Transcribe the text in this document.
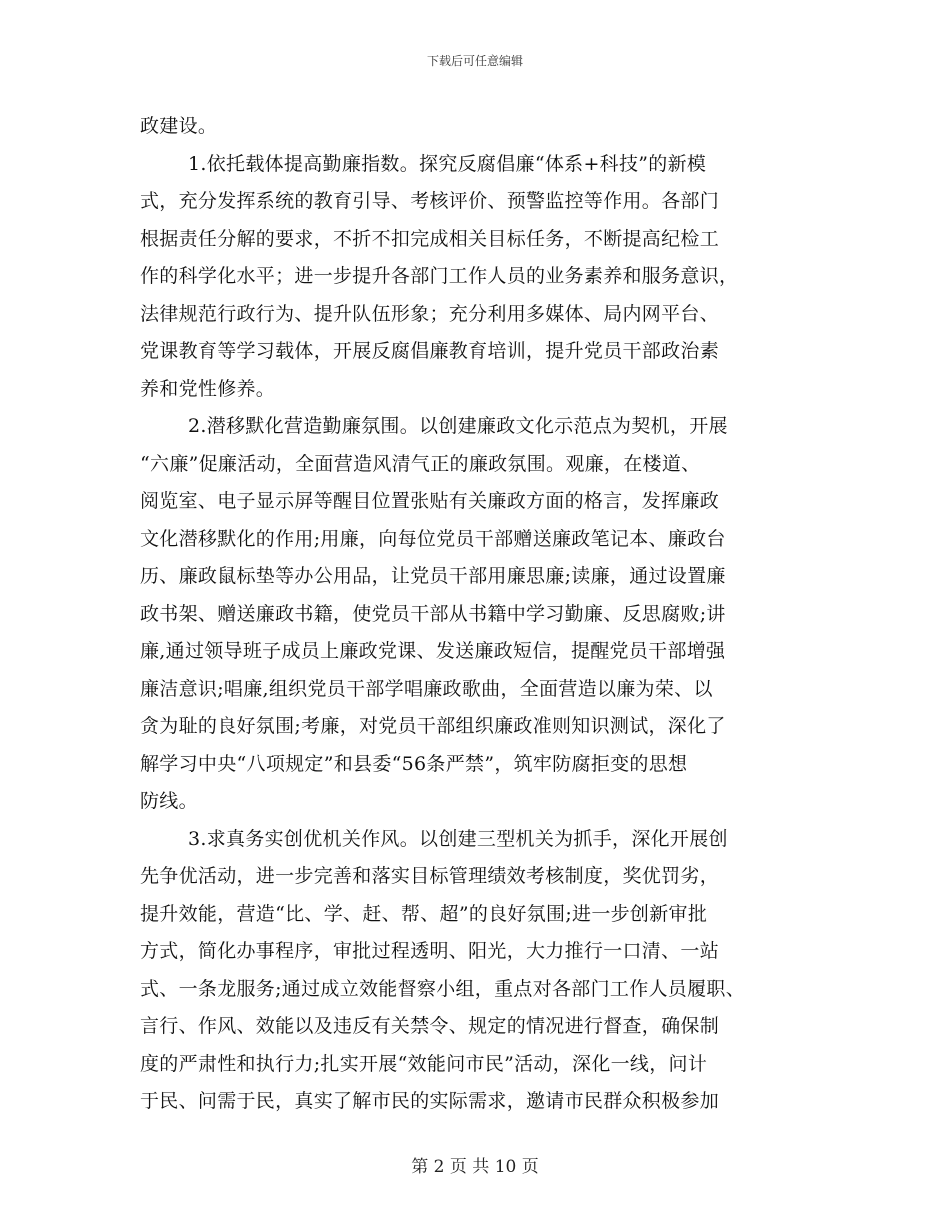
下载后可任意编辑
政建设。
1.依托载体提高勤廉指数。探究反腐倡廉“体系+科技”的新模
式，充分发挥系统的教育引导、考核评价、预警监控等作用。各部门
根据责任分解的要求，不折不扣完成相关目标任务，不断提高纪检工
作的科学化水平；进一步提升各部门工作人员的业务素养和服务意识，
法律规范行政行为、提升队伍形象；充分利用多媒体、局内网平台、
党课教育等学习载体，开展反腐倡廉教育培训，提升党员干部政治素
养和党性修养。
2.潜移默化营造勤廉氛围。以创建廉政文化示范点为契机，开展
“六廉”促廉活动，全面营造风清气正的廉政氛围。观廉，在楼道、
阅览室、电子显示屏等醒目位置张贴有关廉政方面的格言，发挥廉政
文化潜移默化的作用;用廉，向每位党员干部赠送廉政笔记本、廉政台
历、廉政鼠标垫等办公用品，让党员干部用廉思廉;读廉，通过设置廉
政书架、赠送廉政书籍，使党员干部从书籍中学习勤廉、反思腐败;讲
廉,通过领导班子成员上廉政党课、发送廉政短信，提醒党员干部增强
廉洁意识;唱廉,组织党员干部学唱廉政歌曲，全面营造以廉为荣、以
贪为耻的良好氛围;考廉，对党员干部组织廉政准则知识测试，深化了
解学习中央“八项规定”和县委“56条严禁”，筑牢防腐拒变的思想
防线。
3.求真务实创优机关作风。以创建三型机关为抓手，深化开展创
先争优活动，进一步完善和落实目标管理绩效考核制度，奖优罚劣，
提升效能，营造“比、学、赶、帮、超”的良好氛围;进一步创新审批
方式，简化办事程序，审批过程透明、阳光，大力推行一口清、一站
式、一条龙服务;通过成立效能督察小组，重点对各部门工作人员履职、
言行、作风、效能以及违反有关禁令、规定的情况进行督查，确保制
度的严肃性和执行力;扎实开展“效能问市民”活动，深化一线，问计
于民、问需于民，真实了解市民的实际需求，邀请市民群众积极参加
第 2 页 共 10 页
